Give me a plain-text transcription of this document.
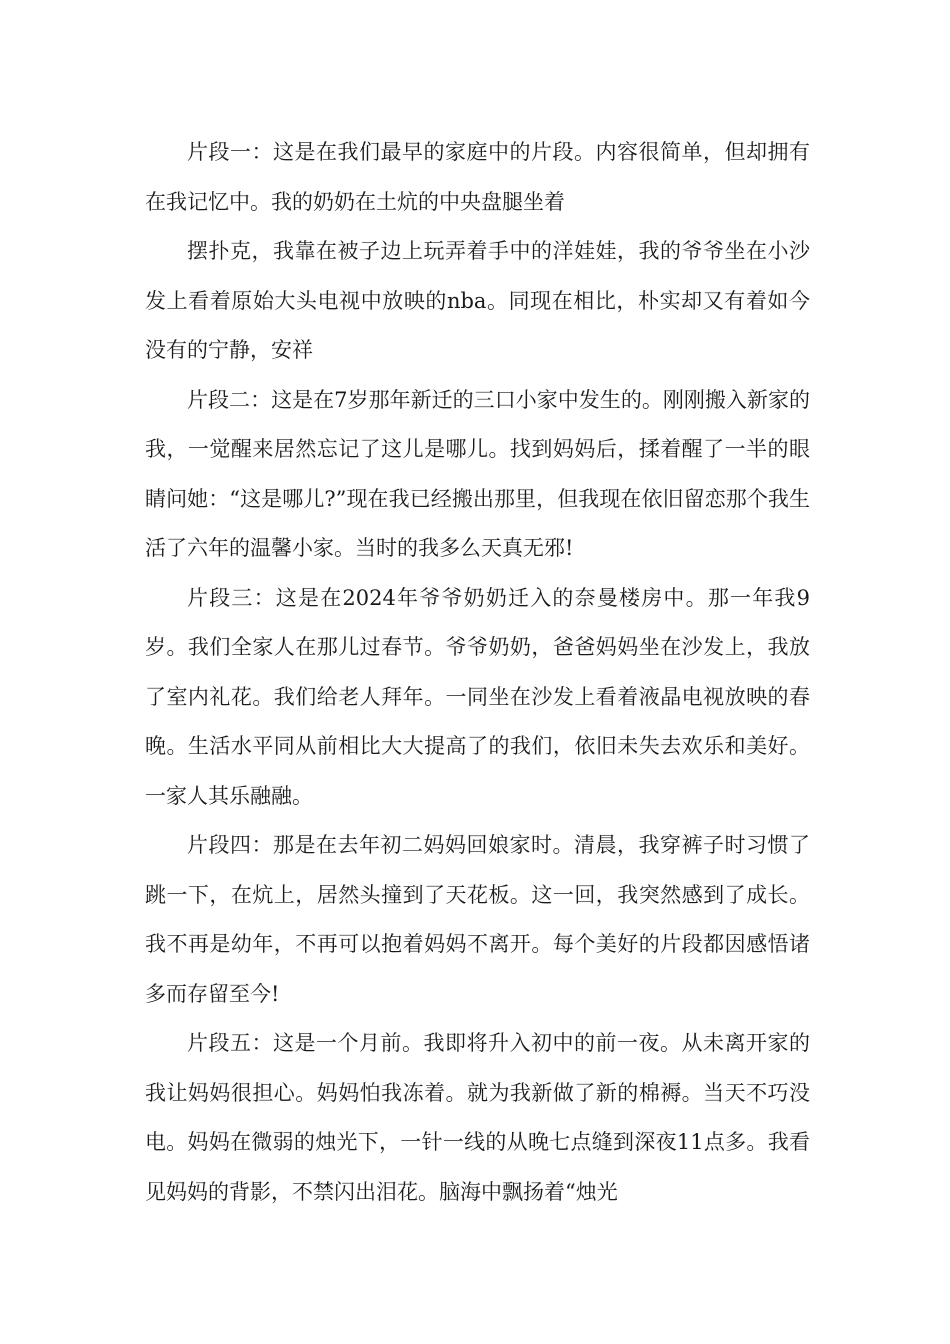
片段一：这是在我们最早的家庭中的片段。内容很简单，但却拥有在我记忆中。我的奶奶在土炕的中央盘腿坐着

摆扑克，我靠在被子边上玩弄着手中的洋娃娃，我的爷爷坐在小沙发上看着原始大头电视中放映的nba。同现在相比，朴实却又有着如今没有的宁静，安祥

片段二：这是在7岁那年新迁的三口小家中发生的。刚刚搬入新家的我，一觉醒来居然忘记了这儿是哪儿。找到妈妈后，揉着醒了一半的眼睛问她：“这是哪儿?”现在我已经搬出那里，但我现在依旧留恋那个我生活了六年的温馨小家。当时的我多么天真无邪!

片段三：这是在2024年爷爷奶奶迁入的奈曼楼房中。那一年我9岁。我们全家人在那儿过春节。爷爷奶奶，爸爸妈妈坐在沙发上，我放了室内礼花。我们给老人拜年。一同坐在沙发上看着液晶电视放映的春晚。生活水平同从前相比大大提高了的我们，依旧未失去欢乐和美好。一家人其乐融融。

片段四：那是在去年初二妈妈回娘家时。清晨，我穿裤子时习惯了跳一下，在炕上，居然头撞到了天花板。这一回，我突然感到了成长。我不再是幼年，不再可以抱着妈妈不离开。每个美好的片段都因感悟诸多而存留至今!

片段五：这是一个月前。我即将升入初中的前一夜。从未离开家的我让妈妈很担心。妈妈怕我冻着。就为我新做了新的棉褥。当天不巧没电。妈妈在微弱的烛光下，一针一线的从晚七点缝到深夜11点多。我看见妈妈的背影，不禁闪出泪花。脑海中飘扬着“烛光
